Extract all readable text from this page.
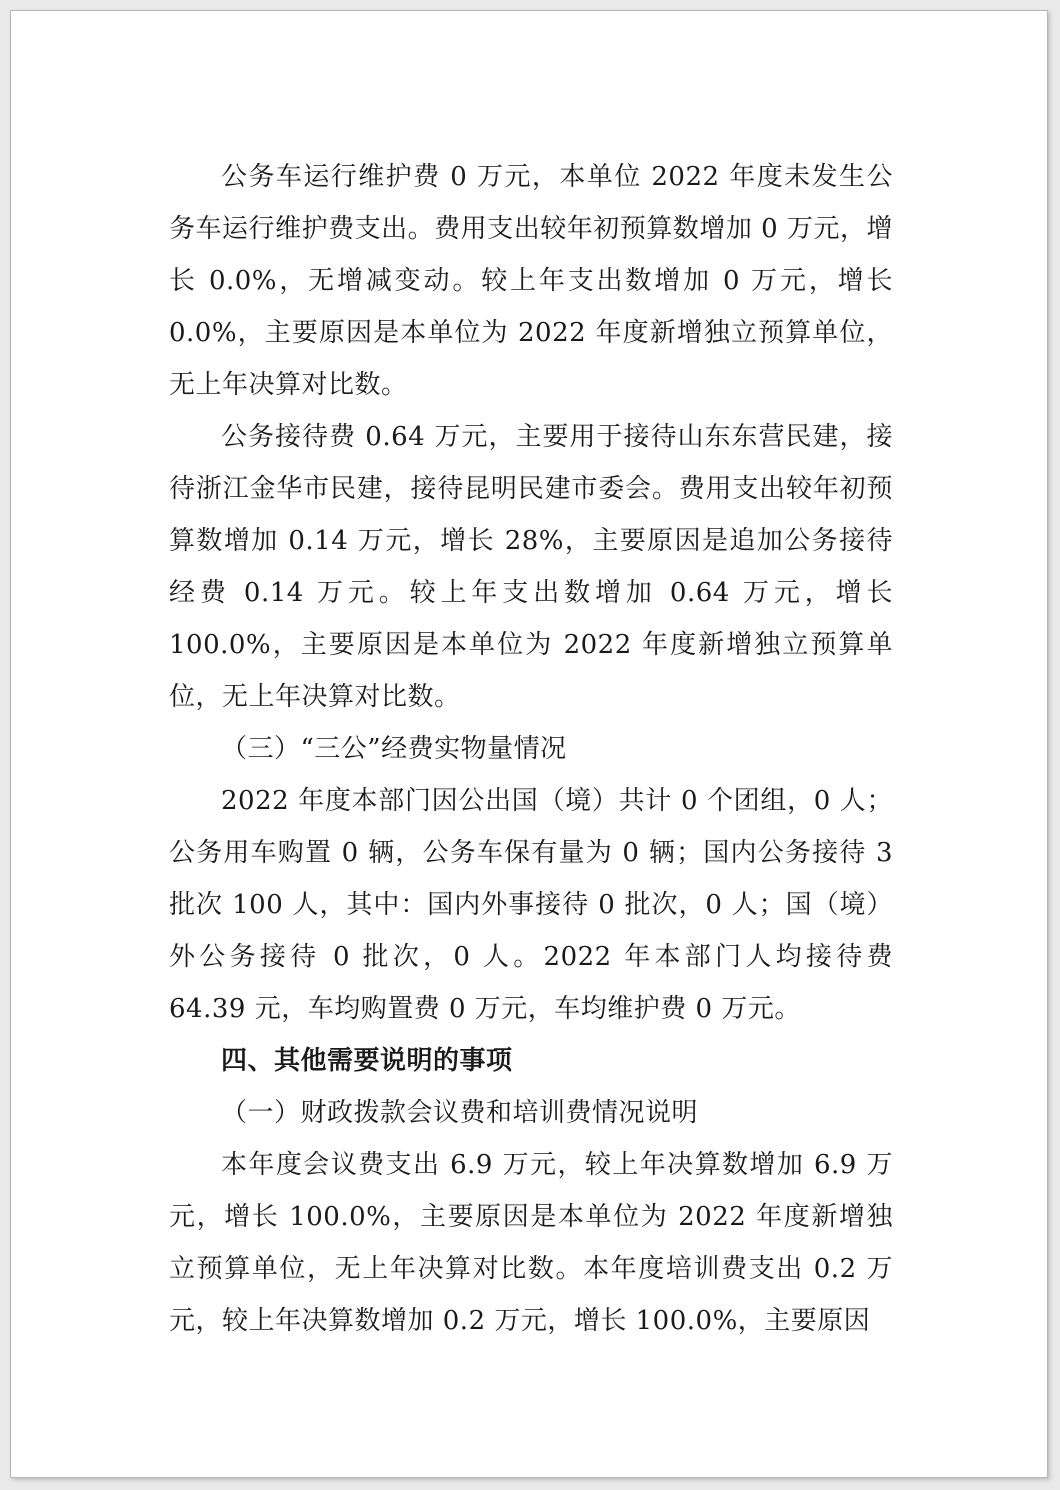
公务车运行维护费 0 万元，本单位 2022 年度未发生公务车运行维护费支出。费用支出较年初预算数增加 0 万元，增长 0.0%，无增减变动。较上年支出数增加 0 万元，增长 0.0%，主要原因是本单位为 2022 年度新增独立预算单位，无上年决算对比数。

公务接待费 0.64 万元，主要用于接待山东东营民建，接待浙江金华市民建，接待昆明民建市委会。费用支出较年初预算数增加 0.14 万元，增长 28%，主要原因是追加公务接待经费 0.14 万元。较上年支出数增加 0.64 万元，增长 100.0%，主要原因是本单位为 2022 年度新增独立预算单位，无上年决算对比数。

（三）“三公”经费实物量情况

2022 年度本部门因公出国（境）共计 0 个团组，0 人；公务用车购置 0 辆，公务车保有量为 0 辆；国内公务接待 3 批次 100 人，其中：国内外事接待 0 批次，0 人；国（境）外公务接待 0 批次，0 人。2022 年本部门人均接待费 64.39 元，车均购置费 0 万元，车均维护费 0 万元。

四、其他需要说明的事项
（一）财政拨款会议费和培训费情况说明

本年度会议费支出 6.9 万元，较上年决算数增加 6.9 万元，增长 100.0%，主要原因是本单位为 2022 年度新增独立预算单位，无上年决算对比数。本年度培训费支出 0.2 万元，较上年决算数增加 0.2 万元，增长 100.0%，主要原因
